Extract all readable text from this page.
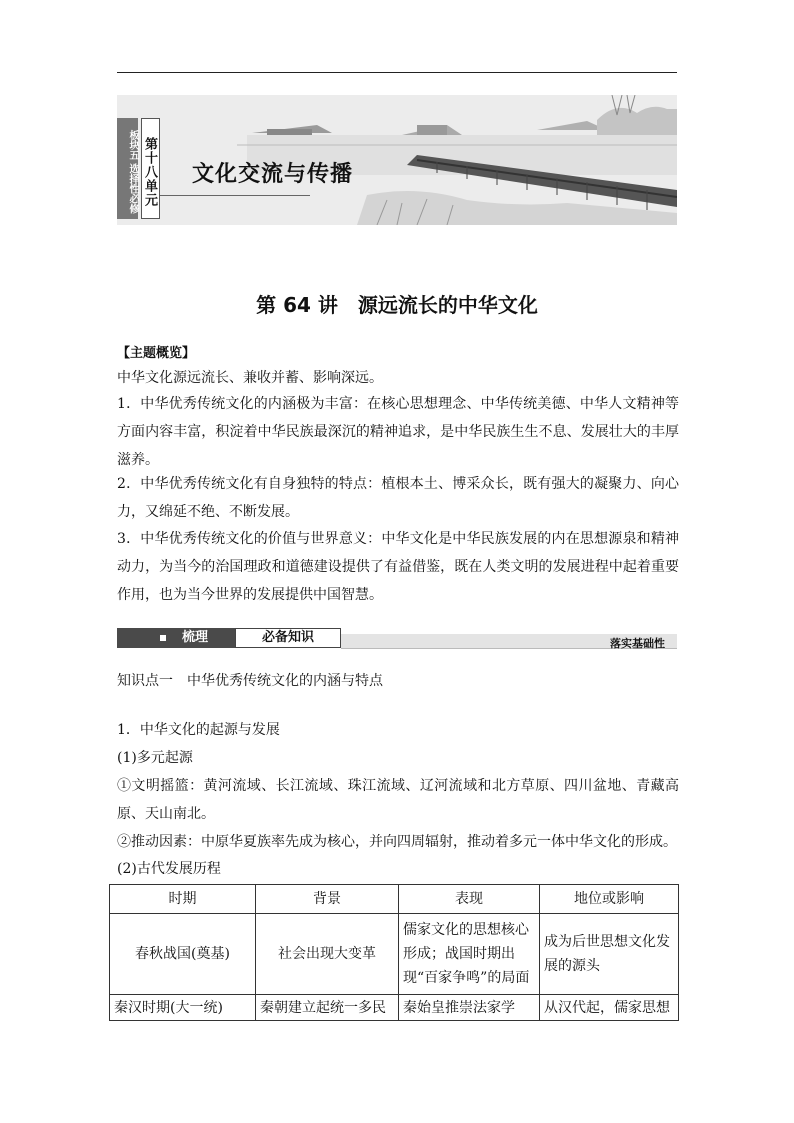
板块五 选择性必修 第十八单元 文化交流与传播
第 64 讲　源远流长的中华文化
【主题概览】
中华文化源远流长、兼收并蓄、影响深远。
1．中华优秀传统文化的内涵极为丰富：在核心思想理念、中华传统美德、中华人文精神等方面内容丰富，积淀着中华民族最深沉的精神追求，是中华民族生生不息、发展壮大的丰厚滋养。
2．中华优秀传统文化有自身独特的特点：植根本土、博采众长，既有强大的凝聚力、向心力，又绵延不绝、不断发展。
3．中华优秀传统文化的价值与世界意义：中华文化是中华民族发展的内在思想源泉和精神动力，为当今的治国理政和道德建设提供了有益借鉴，既在人类文明的发展进程中起着重要作用，也为当今世界的发展提供中国智慧。
梳理	必备知识	落实基础性
知识点一　中华优秀传统文化的内涵与特点
1．中华文化的起源与发展
(1)多元起源
①文明摇篮：黄河流域、长江流域、珠江流域、辽河流域和北方草原、四川盆地、青藏高原、天山南北。
②推动因素：中原华夏族率先成为核心，并向四周辐射，推动着多元一体中华文化的形成。
(2)古代发展历程
时期	背景	表现	地位或影响
春秋战国(奠基)	社会出现大变革	儒家文化的思想核心形成；战国时期出现“百家争鸣”的局面	成为后世思想文化发展的源头
秦汉时期(大一统)	秦朝建立起统一多民	秦始皇推崇法家学	从汉代起，儒家思想
